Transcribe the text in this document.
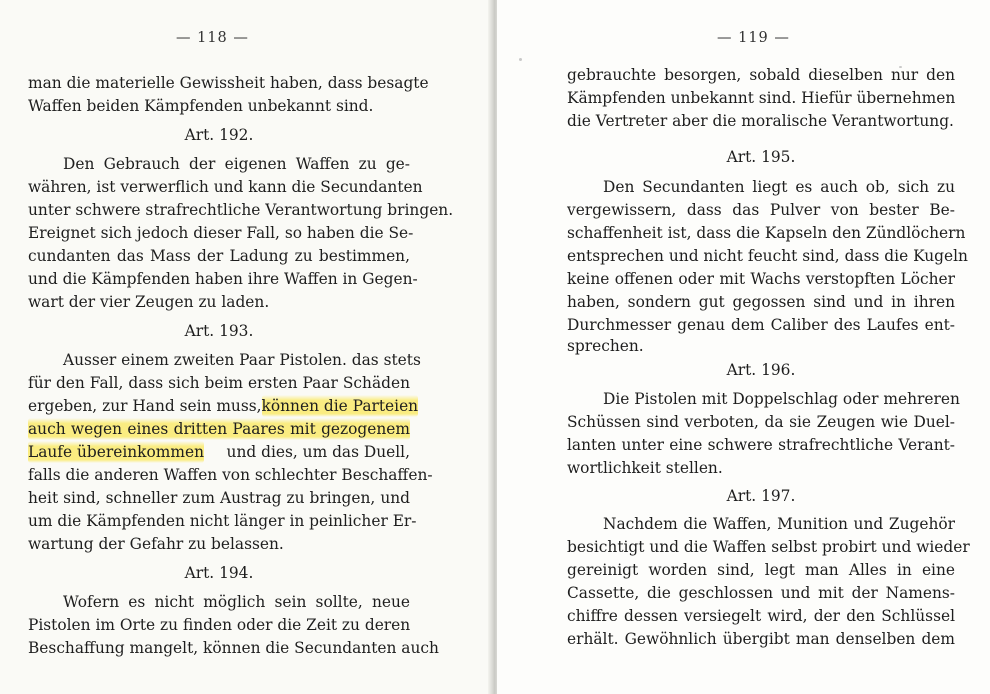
— 118 —
man die materielle Gewissheit haben, dass besagte
Waffen beiden Kämpfenden unbekannt sind.
Art. 192.
Den Gebrauch der eigenen Waffen zu ge-
währen, ist verwerflich und kann die Secundanten
unter schwere strafrechtliche Verantwortung bringen.
Ereignet sich jedoch dieser Fall, so haben die Se-
cundanten das Mass der Ladung zu bestimmen,
und die Kämpfenden haben ihre Waffen in Gegen-
wart der vier Zeugen zu laden.
Art. 193.
Ausser einem zweiten Paar Pistolen. das stets
für den Fall, dass sich beim ersten Paar Schäden
ergeben, zur Hand sein muss, können die Parteien
auch wegen eines dritten Paares mit gezogenem
Laufe übereinkommen und dies, um das Duell,
falls die anderen Waffen von schlechter Beschaffen-
heit sind, schneller zum Austrag zu bringen, und
um die Kämpfenden nicht länger in peinlicher Er-
wartung der Gefahr zu belassen.
Art. 194.
Wofern es nicht möglich sein sollte, neue
Pistolen im Orte zu finden oder die Zeit zu deren
Beschaffung mangelt, können die Secundanten auch
— 119 —
gebrauchte besorgen, sobald dieselben nur den
Kämpfenden unbekannt sind. Hiefür übernehmen
die Vertreter aber die moralische Verantwortung.
Art. 195.
Den Secundanten liegt es auch ob, sich zu
vergewissern, dass das Pulver von bester Be-
schaffenheit ist, dass die Kapseln den Zündlöchern
entsprechen und nicht feucht sind, dass die Kugeln
keine offenen oder mit Wachs verstopften Löcher
haben, sondern gut gegossen sind und in ihren
Durchmesser genau dem Caliber des Laufes ent-
sprechen.
Art. 196.
Die Pistolen mit Doppelschlag oder mehreren
Schüssen sind verboten, da sie Zeugen wie Duel-
lanten unter eine schwere strafrechtliche Verant-
wortlichkeit stellen.
Art. 197.
Nachdem die Waffen, Munition und Zugehör
besichtigt und die Waffen selbst probirt und wieder
gereinigt worden sind, legt man Alles in eine
Cassette, die geschlossen und mit der Namens-
chiffre dessen versiegelt wird, der den Schlüssel
erhält. Gewöhnlich übergibt man denselben dem
